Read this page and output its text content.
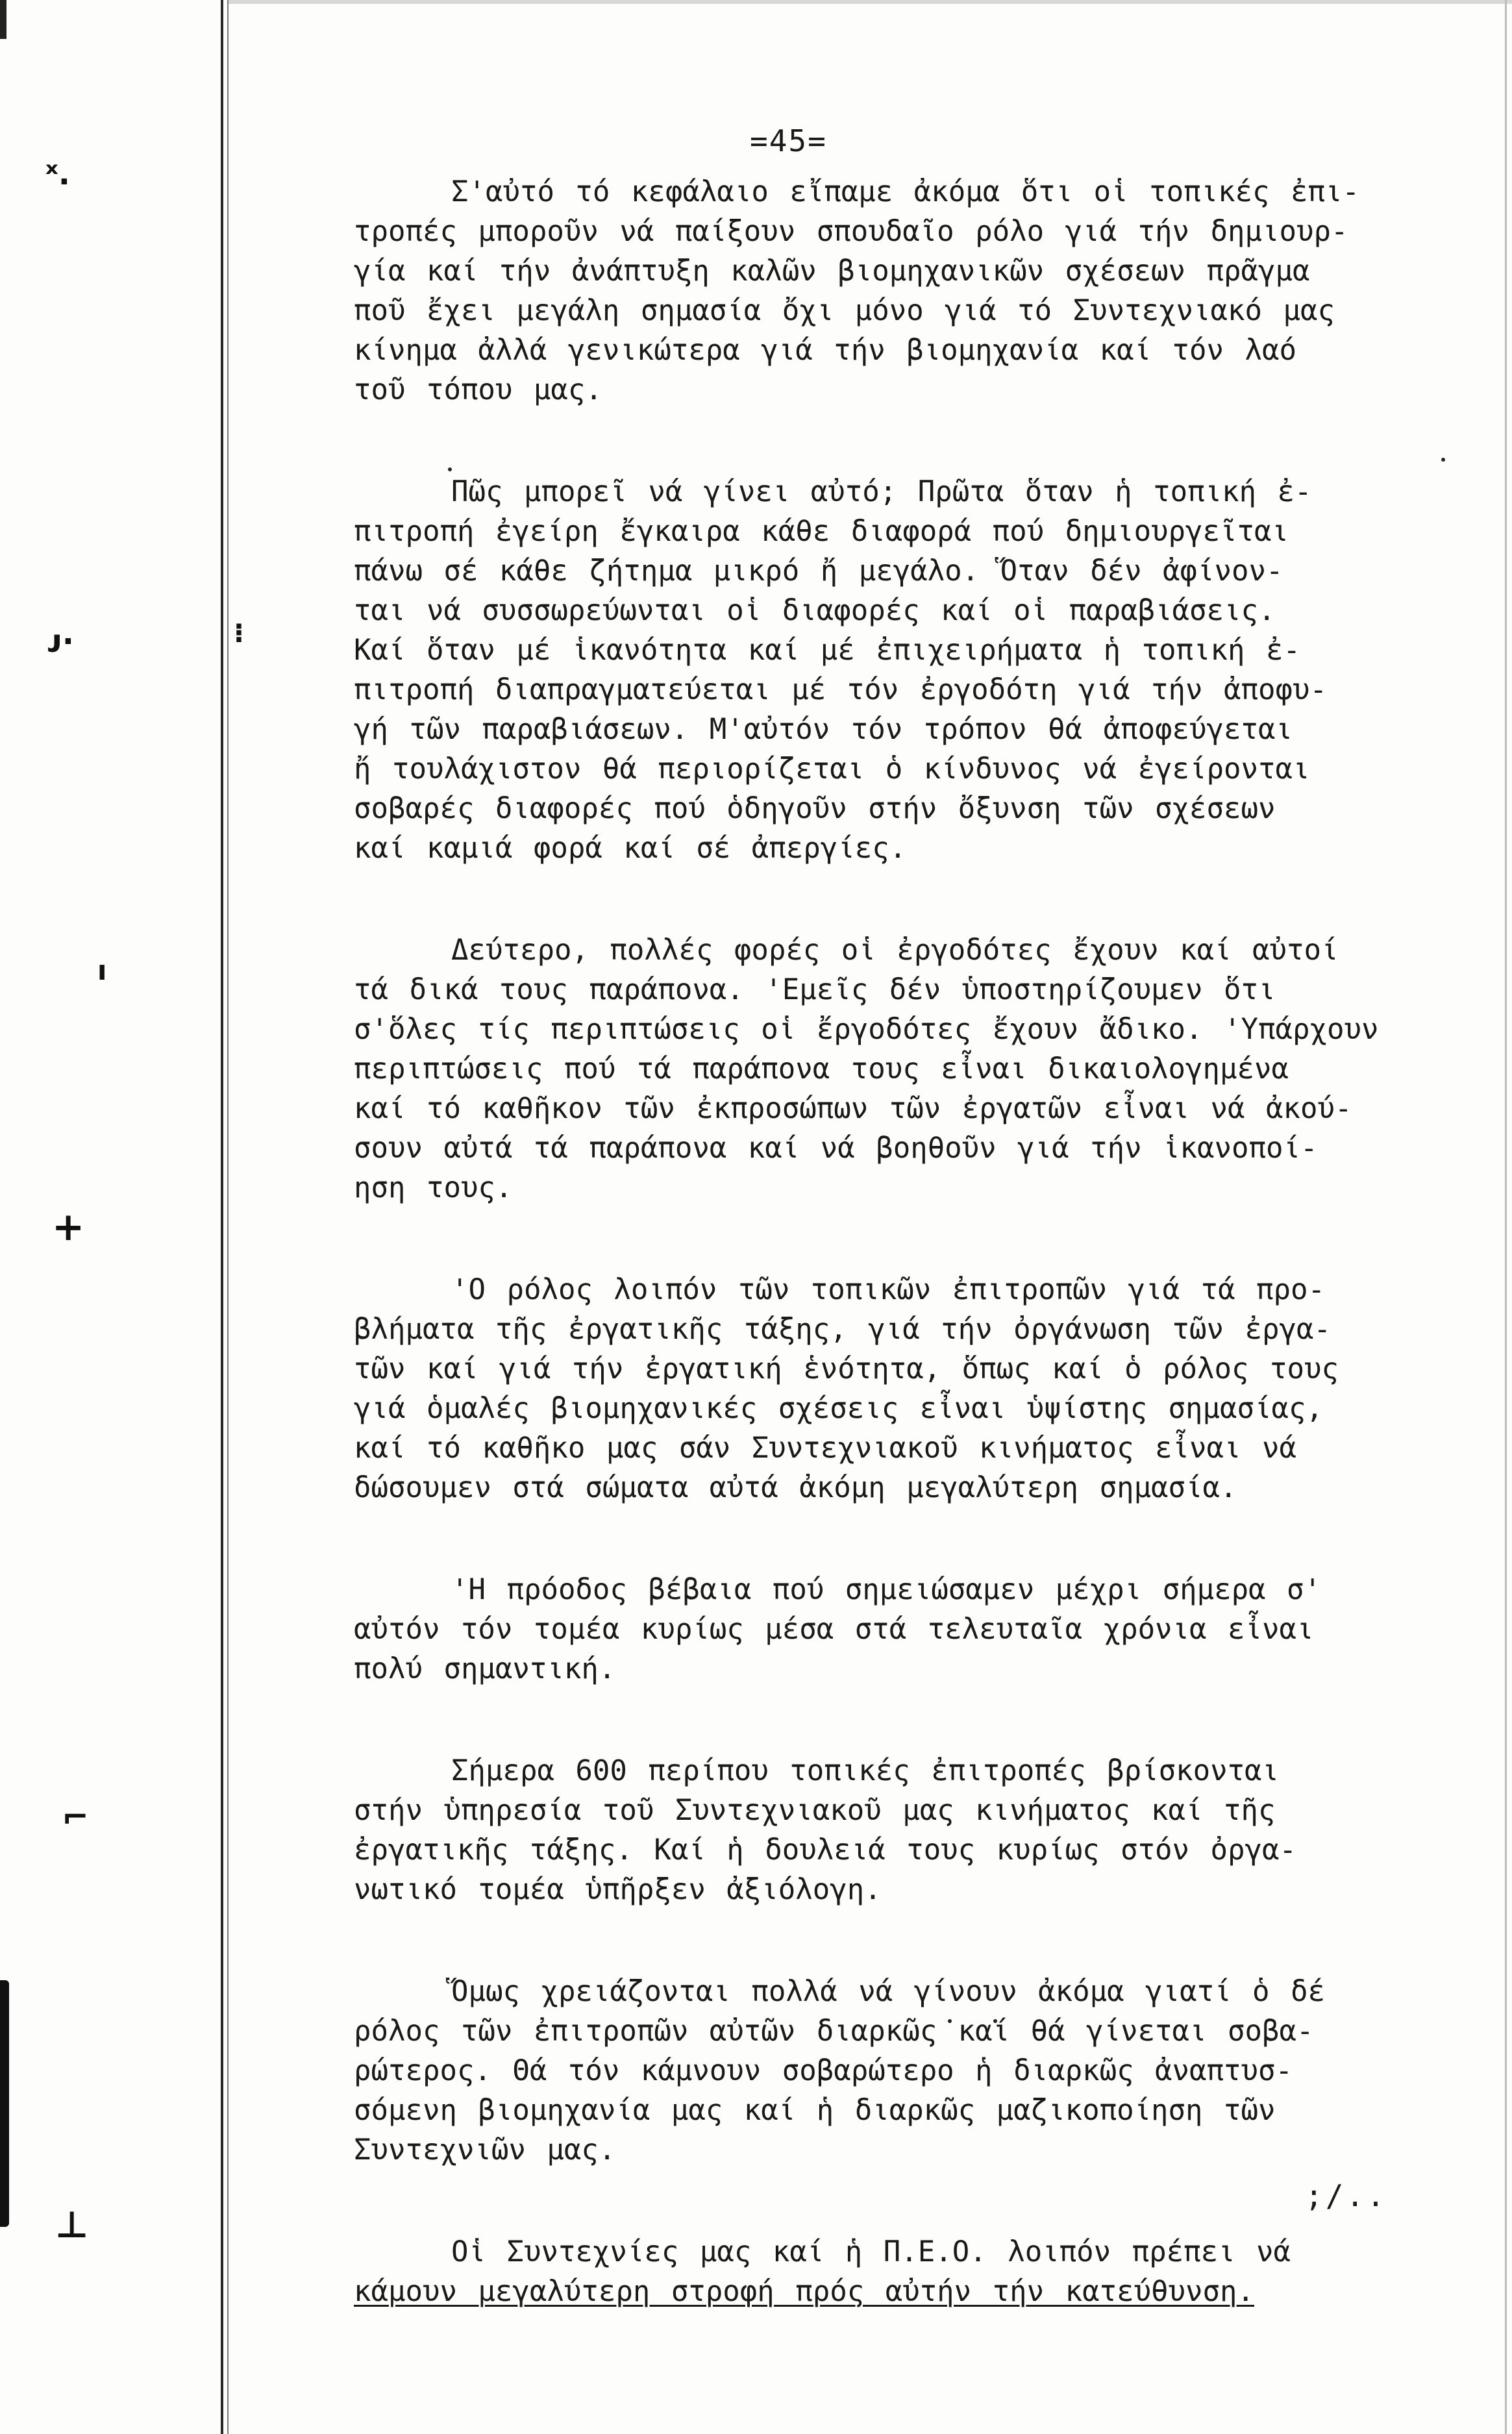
ˣ.
ᴊ·
+
⌐
⊥
⁝
ı
=45=
Σ'αὐτό τό κεφάλαιο εἴπαμε ἀκόμα ὅτι οἱ τοπικές ἐπι-
τροπές μποροῦν νά παίξουν σπουδαῖο ρόλο γιά τήν δημιουρ-
γία καί τήν ἀνάπτυξη καλῶν βιομηχανικῶν σχέσεων πρᾶγμα
ποῦ ἔχει μεγάλη σημασία ὄχι μόνο γιά τό Συντεχνιακό μας
κίνημα ἀλλά γενικώτερα γιά τήν βιομηχανία καί τόν λαό
τοῦ τόπου μας.
Πῶς μπορεῖ νά γίνει αὐτό; Πρῶτα ὅταν ἡ τοπική ἐ-
πιτροπή ἐγείρη ἔγκαιρα κάθε διαφορά πού δημιουργεῖται
πάνω σέ κάθε ζήτημα μικρό ἤ μεγάλο. Ὅταν δέν ἀφίνον-
ται νά συσσωρεύωνται οἱ διαφορές καί οἱ παραβιάσεις.
Καί ὅταν μέ ἱκανότητα καί μέ ἐπιχειρήματα ἡ τοπική ἐ-
πιτροπή διαπραγματεύεται μέ τόν ἐργοδότη γιά τήν ἀποφυ-
γή τῶν παραβιάσεων. Μ'αὐτόν τόν τρόπον θά ἀποφεύγεται
ἤ τουλάχιστον θά περιορίζεται ὁ κίνδυνος νά ἐγείρονται
σοβαρές διαφορές πού ὁδηγοῦν στήν ὄξυνση τῶν σχέσεων
καί καμιά φορά καί σέ ἀπεργίες.
Δεύτερο, πολλές φορές οἱ ἐργοδότες ἔχουν καί αὐτοί
τά δικά τους παράπονα. 'Εμεῖς δέν ὑποστηρίζουμεν ὅτι
σ'ὅλες τίς περιπτώσεις οἱ ἔργοδότες ἔχουν ἄδικο. 'Υπάρχουν
περιπτώσεις πού τά παράπονα τους εἶναι δικαιολογημένα
καί τό καθῆκον τῶν ἐκπροσώπων τῶν ἐργατῶν εἶναι νά ἀκού-
σουν αὐτά τά παράπονα καί νά βοηθοῦν γιά τήν ἱκανοποί-
ηση τους.
'Ο ρόλος λοιπόν τῶν τοπικῶν ἐπιτροπῶν γιά τά προ-
βλήματα τῆς ἐργατικῆς τάξης, γιά τήν ὀργάνωση τῶν ἐργα-
τῶν καί γιά τήν ἐργατική ἑνότητα, ὅπως καί ὁ ρόλος τους
γιά ὁμαλές βιομηχανικές σχέσεις εἶναι ὑψίστης σημασίας,
καί τό καθῆκο μας σάν Συντεχνιακοῦ κινήματος εἶναι νά
δώσουμεν στά σώματα αὐτά ἀκόμη μεγαλύτερη σημασία.
'Η πρόοδος βέβαια πού σημειώσαμεν μέχρι σήμερα σ'
αὐτόν τόν τομέα κυρίως μέσα στά τελευταῖα χρόνια εἶναι
πολύ σημαντική.
Σήμερα 600 περίπου τοπικές ἐπιτροπές βρίσκονται
στήν ὑπηρεσία τοῦ Συντεχνιακοῦ μας κινήματος καί τῆς
ἐργατικῆς τάξης. Καί ἡ δουλειά τους κυρίως στόν ὀργα-
νωτικό τομέα ὑπῆρξεν ἀξιόλογη.
Ὅμως χρειάζονται πολλά νά γίνουν ἀκόμα γιατί ὁ δέ
ρόλος τῶν ἐπιτροπῶν αὐτῶν διαρκῶς καί θά γίνεται σοβα-
ρώτερος. Θά τόν κάμνουν σοβαρώτερο ἡ διαρκῶς ἀναπτυσ-
σόμενη βιομηχανία μας καί ἡ διαρκῶς μαζικοποίηση τῶν
Συντεχνιῶν μας.
Οἱ Συντεχνίες μας καί ἡ Π.Ε.Ο. λοιπόν πρέπει νά
κάμουν μεγαλύτερη στροφή πρός αὐτήν τήν κατεύθυνση.
;/..
